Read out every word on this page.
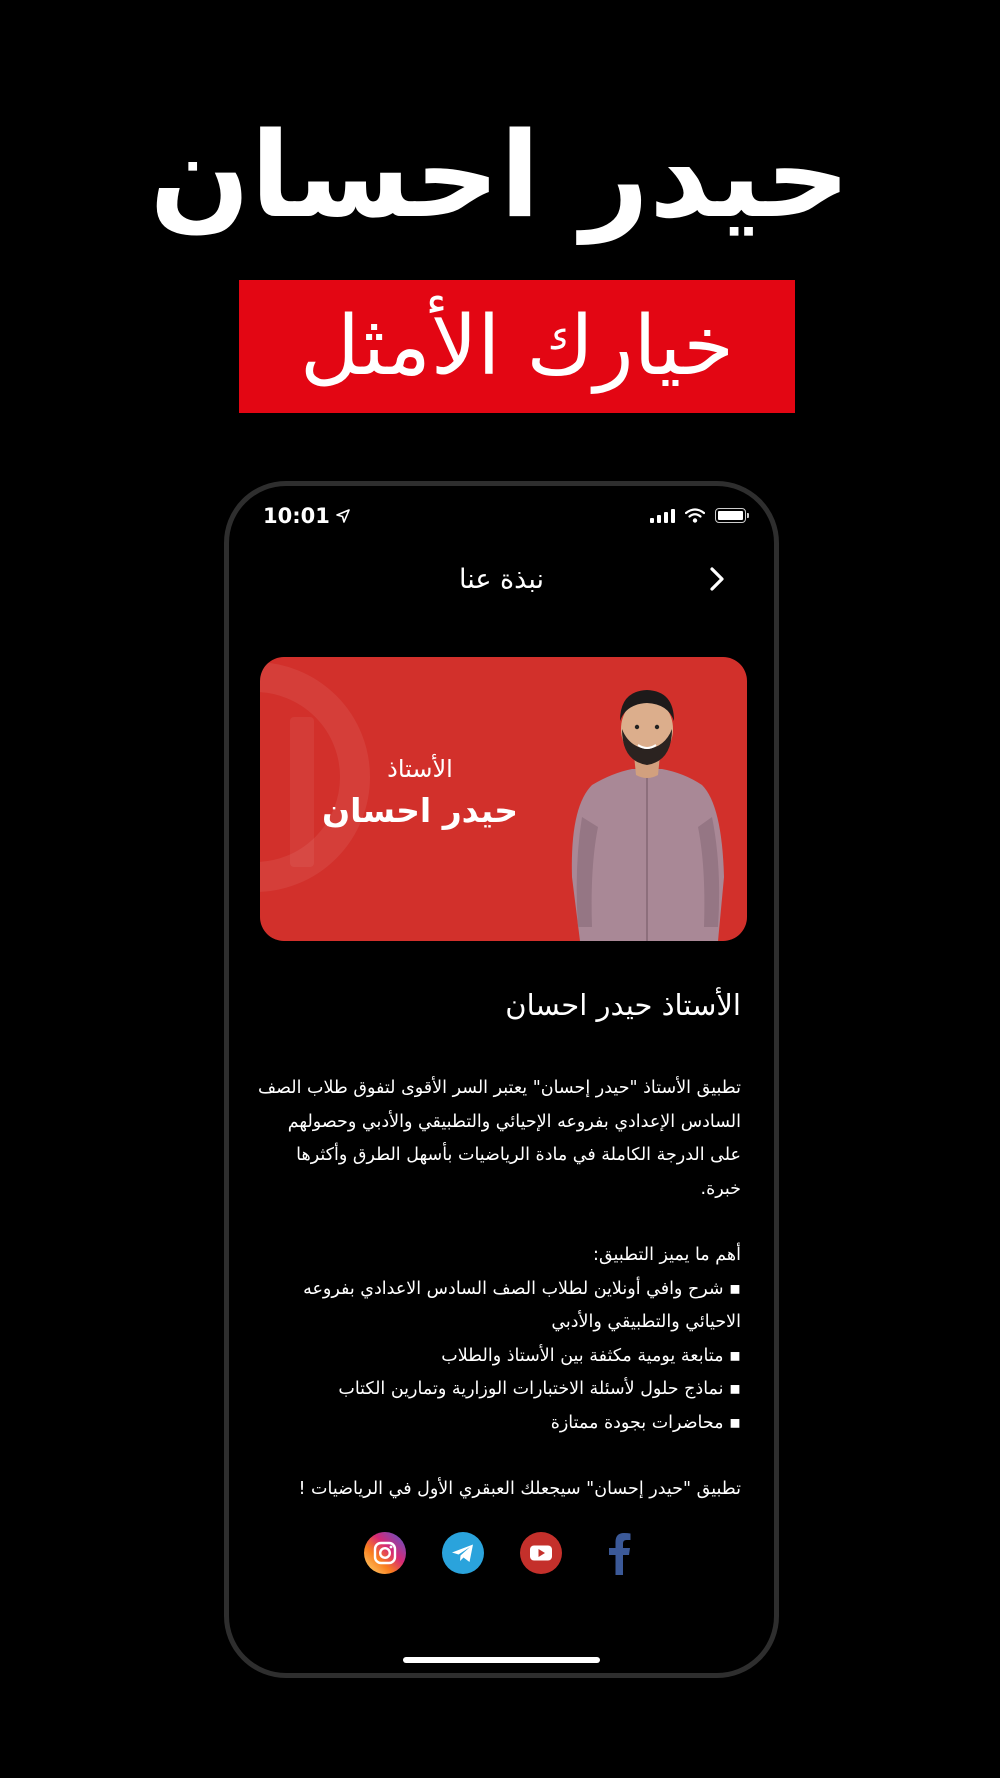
حيدر احسان
خيارك الأمثل
10:01
نبذة عنا
الأستاذ
حيدر احسان
الأستاذ حيدر احسان

تطبيق الأستاذ "حيدر إحسان" يعتبر السر الأقوى لتفوق طلاب الصف السادس الإعدادي بفروعه الإحيائي والتطبيقي والأدبي وحصولهم على الدرجة الكاملة في مادة الرياضيات بأسهل الطرق وأكثرها خبرة.

أهم ما يميز التطبيق:

▪ شرح وافي أونلاين لطلاب الصف السادس الاعدادي بفروعه الاحيائي والتطبيقي والأدبي
▪ متابعة يومية مكثفة بين الأستاذ والطلاب
▪ نماذج حلول لأسئلة الاختبارات الوزارية وتمارين الكتاب
▪ محاضرات بجودة ممتازة

تطبيق "حيدر إحسان" سيجعلك العبقري الأول في الرياضيات !
